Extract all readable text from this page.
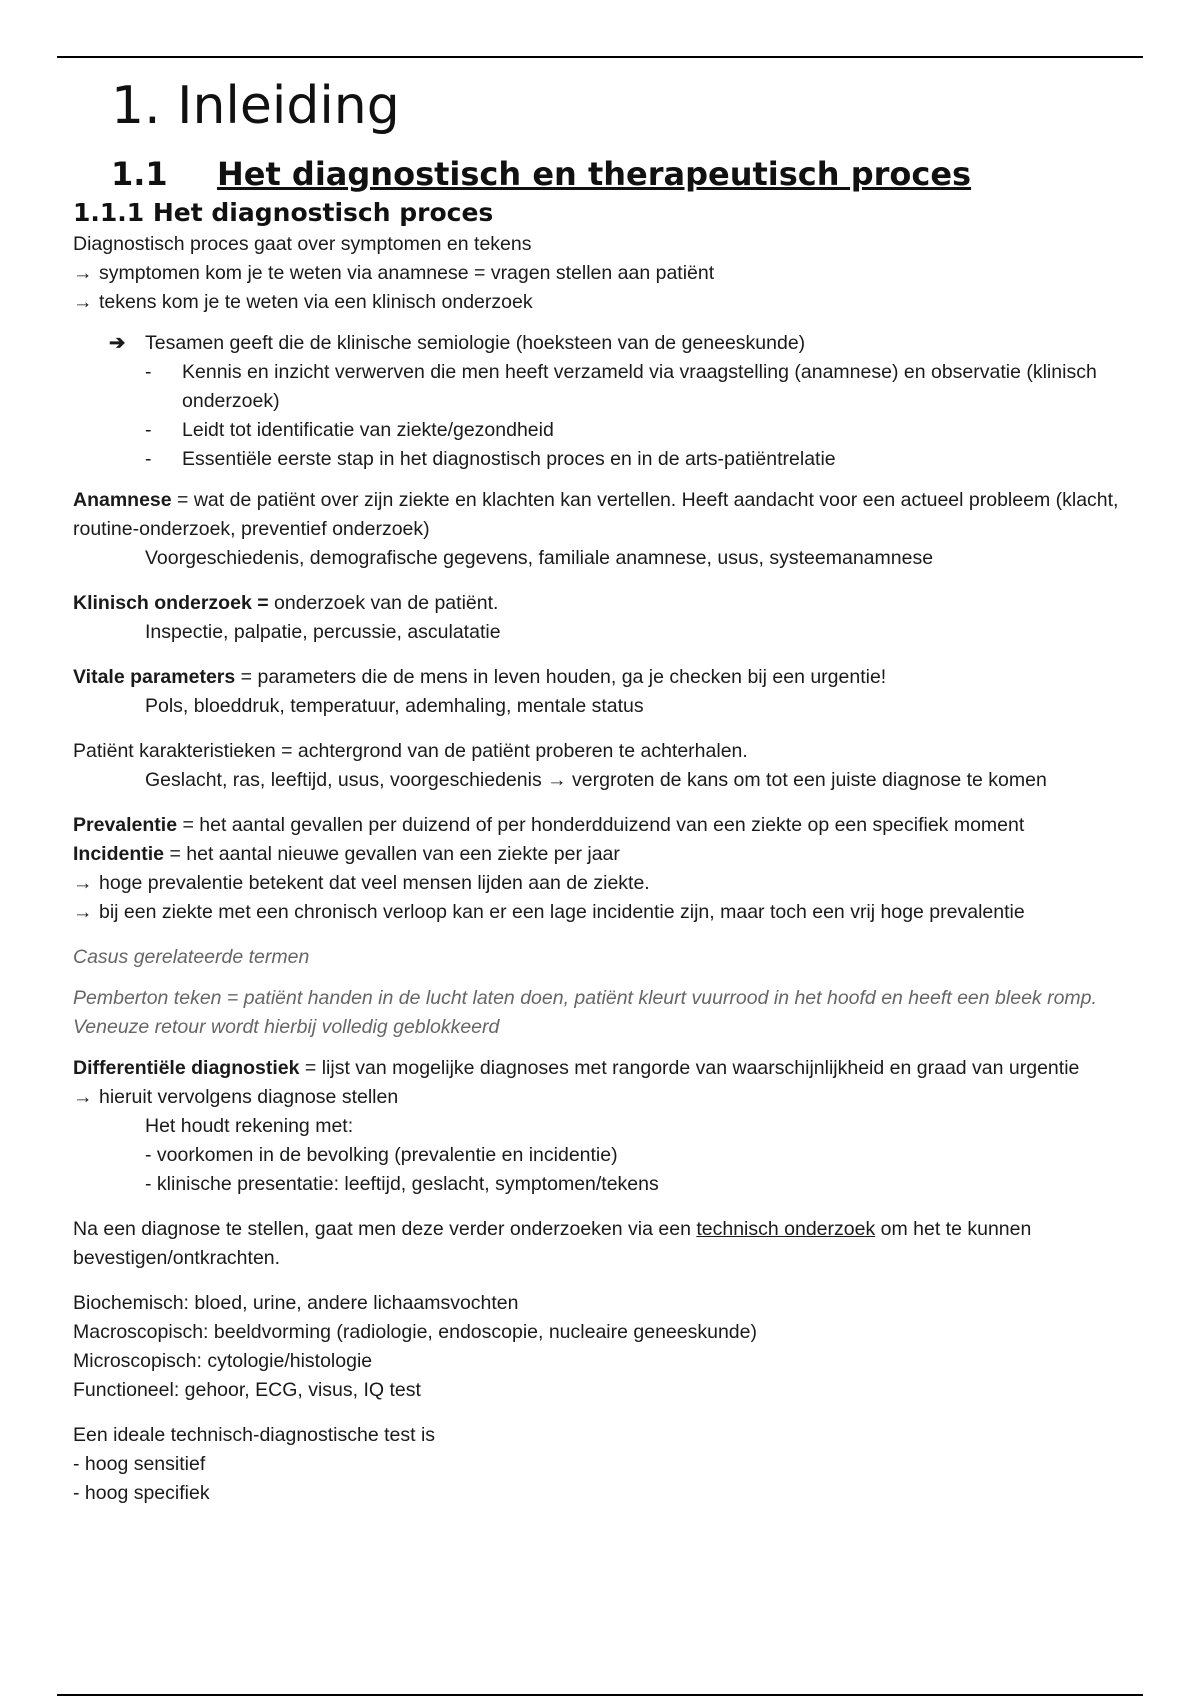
1. Inleiding
1.1 Het diagnostisch en therapeutisch proces
1.1.1 Het diagnostisch proces

Diagnostisch proces gaat over symptomen en tekens

→ symptomen kom je te weten via anamnese = vragen stellen aan patiënt
→ tekens kom je te weten via een klinisch onderzoek
➔	Tesamen geeft die de klinische semiologie (hoeksteen van de geneeskunde)
-	Kennis en inzicht verwerven die men heeft verzameld via vraagstelling (anamnese) en observatie (klinisch onderzoek)
-	Leidt tot identificatie van ziekte/gezondheid
-	Essentiële eerste stap in het diagnostisch proces en in de arts-patiëntrelatie

Anamnese = wat de patiënt over zijn ziekte en klachten kan vertellen. Heeft aandacht voor een actueel probleem (klacht, routine-onderzoek, preventief onderzoek)

Voorgeschiedenis, demografische gegevens, familiale anamnese, usus, systeemanamnese

Klinisch onderzoek = onderzoek van de patiënt.

Inspectie, palpatie, percussie, asculatatie

Vitale parameters = parameters die de mens in leven houden, ga je checken bij een urgentie!

Pols, bloeddruk, temperatuur, ademhaling, mentale status

Patiënt karakteristieken = achtergrond van de patiënt proberen te achterhalen.

Geslacht, ras, leeftijd, usus, voorgeschiedenis → vergroten de kans om tot een juiste diagnose te komen

Prevalentie = het aantal gevallen per duizend of per honderdduizend van een ziekte op een specifiek moment

Incidentie = het aantal nieuwe gevallen van een ziekte per jaar

→ hoge prevalentie betekent dat veel mensen lijden aan de ziekte.
→ bij een ziekte met een chronisch verloop kan er een lage incidentie zijn, maar toch een vrij hoge prevalentie

Casus gerelateerde termen

Pemberton teken = patiënt handen in de lucht laten doen, patiënt kleurt vuurrood in het hoofd en heeft een bleek romp. Veneuze retour wordt hierbij volledig geblokkeerd

Differentiële diagnostiek = lijst van mogelijke diagnoses met rangorde van waarschijnlijkheid en graad van urgentie

→ hieruit vervolgens diagnose stellen

Het houdt rekening met:

- voorkomen in de bevolking (prevalentie en incidentie)

- klinische presentatie: leeftijd, geslacht, symptomen/tekens

Na een diagnose te stellen, gaat men deze verder onderzoeken via een technisch onderzoek om het te kunnen bevestigen/ontkrachten.

Biochemisch: bloed, urine, andere lichaamsvochten

Macroscopisch: beeldvorming (radiologie, endoscopie, nucleaire geneeskunde)

Microscopisch: cytologie/histologie

Functioneel: gehoor, ECG, visus, IQ test

Een ideale technisch-diagnostische test is

- hoog sensitief

- hoog specifiek
